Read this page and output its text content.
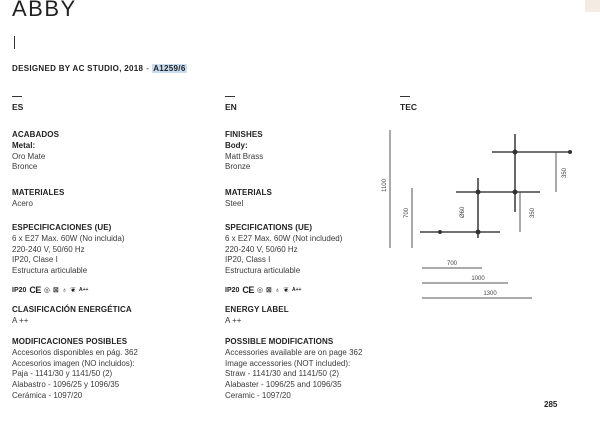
ABBY
DESIGNED BY AC STUDIO, 2018 - A1259/6
ES
ACABADOS
Metal:
Oro Mate
Bronce
MATERIALES
Acero
ESPECIFICACIONES (UE)
6 x E27 Max. 60W (No incluida)
220-240 V, 50/60 Hz
IP20, Clase I
Estructura articulable
IP20 CE ◎ ⊠ ♁ ❦ A++
CLASIFICACIÓN ENERGÉTICA
A ++
MODIFICACIONES POSIBLES
Accesorios disponibles en pág. 362
Accesorios imagen (NO incluidos):
Paja - 1141/30 y 1141/50 (2)
Alabastro - 1096/25 y 1096/35
Cerámica - 1097/20
EN
FINISHES
Body:
Matt Brass
Bronze
MATERIALS
Steel
SPECIFICATIONS (UE)
6 x E27 Max. 60W (Not included)
220-240 V, 50/60 Hz
IP20, Class I
Estructura articulable
IP20 CE ◎ ⊠ ♁ ❦ A++
ENERGY LABEL
A ++
POSSIBLE MODIFICATIONS
Accessories available are on page 362
Image accessories (NOT included):
Straw - 1141/30 and 1141/50 (2)
Alabaster - 1096/25 and 1096/35
Ceramic - 1097/20
TEC
1100
700	Ø60
350
350
700
1000
1300
285
